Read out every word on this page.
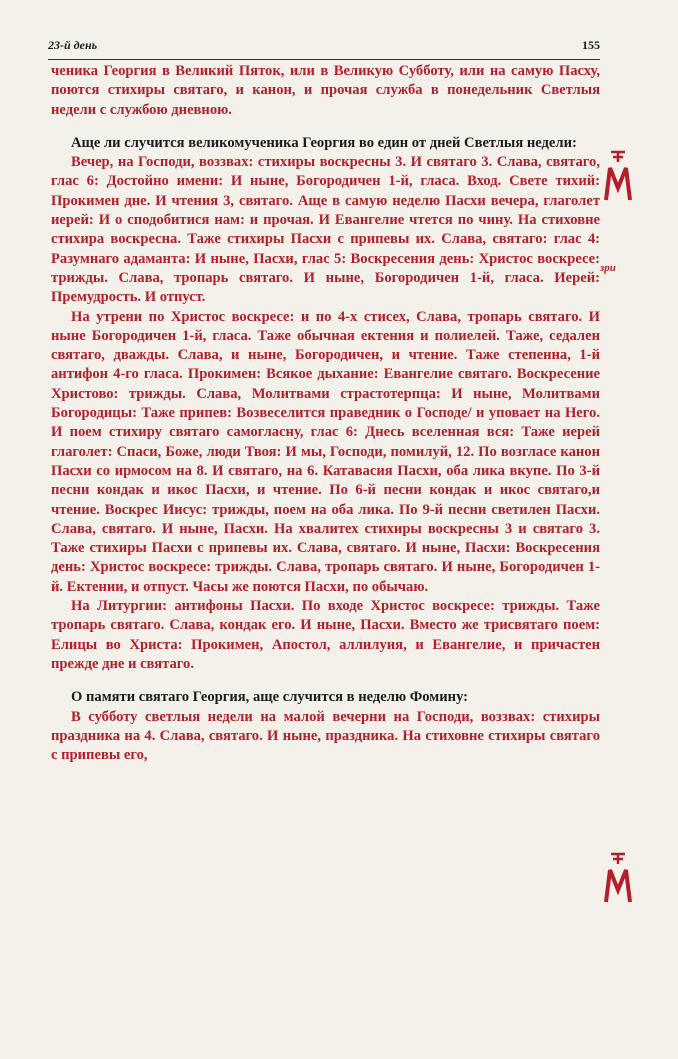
23-й день	155

ченика Георгия в Великий Пяток, или в Великую Субботу, или на самую Пасху, поются стихиры святаго, и канон, и прочая служба в понедельник Светлыя недели с службою дневною.

Аще ли случится великомученика Георгия во един от дней Светлыя недели:

Вечер, на Господи, воззвах: стихиры воскресны 3. И святаго 3. Слава, святаго, глас 6: Достойно имени: И ныне, Богородичен 1-й, гласа. Вход. Свете тихий: Прокимен дне. И чтения 3, святаго. Аще в самую неделю Пасхи вечера, глаголет иерей: И о сподобитися нам: и прочая. И Евангелие чтется по чину. На стиховне стихира воскресна. Таже стихиры Пасхи с припевы их. Слава, святаго: глас 4: Разумнаго адаманта: И ныне, Пасхи, глас 5: Воскресения день: Христос воскресе: трижды. Слава, тропарь святаго. И ныне, Богородичен 1-й, гласа. Иерей: Премудрость. И отпуст.

На утрени по Христос воскресе: и по 4-х стисех, Слава, тропарь святаго. И ныне Богородичен 1-й, гласа. Таже обычная ектения и полиелей. Таже, седален святаго, дважды. Слава, и ныне, Богородичен, и чтение. Таже степенна, 1-й антифон 4-го гласа. Прокимен: Всякое дыхание: Евангелие святаго. Воскресение Христово: трижды. Слава, Молитвами страстотерпца: И ныне, Молитвами Богородицы: Таже припев: Возвеселится праведник о Господе/ и уповает на Него. И поем стихиру святаго самогласну, глас 6: Днесь вселенная вся: Таже иерей глаголет: Спаси, Боже, люди Твоя: И мы, Господи, помилуй, 12. По возгласе канон Пасхи со ирмосом на 8. И святаго, на 6. Катавасия Пасхи, оба лика вкупе. По 3-й песни кондак и икос Пасхи, и чтение. По 6-й песни кондак и икос святаго,и чтение. Воскрес Иисус: трижды, поем на оба лика. По 9-й песни светилен Пасхи. Слава, святаго. И ныне, Пасхи. На хвалитех стихиры воскресны 3 и святаго 3. Таже стихиры Пасхи с припевы их. Слава, святаго. И ныне, Пасхи: Воскресения день: Христос воскресе: трижды. Слава, тропарь святаго. И ныне, Богородичен 1-й. Ектении, и отпуст. Часы же поются Пасхи, по обычаю.

На Литургии: антифоны Пасхи. По входе Христос воскресе: трижды. Таже тропарь святаго. Слава, кондак его. И ныне, Пасхи. Вместо же трисвятаго поем: Елицы во Христа: Прокимен, Апостол, аллилуия, и Евангелие, и причастен прежде дне и святаго.

О памяти святаго Георгия, аще случится в неделю Фомину:

В субботу светлыя недели на малой вечерни на Господи, воззвах: стихиры праздника на 4. Слава, святаго. И ныне, праздника. На стиховне стихиры святаго с припевы его,

зри
